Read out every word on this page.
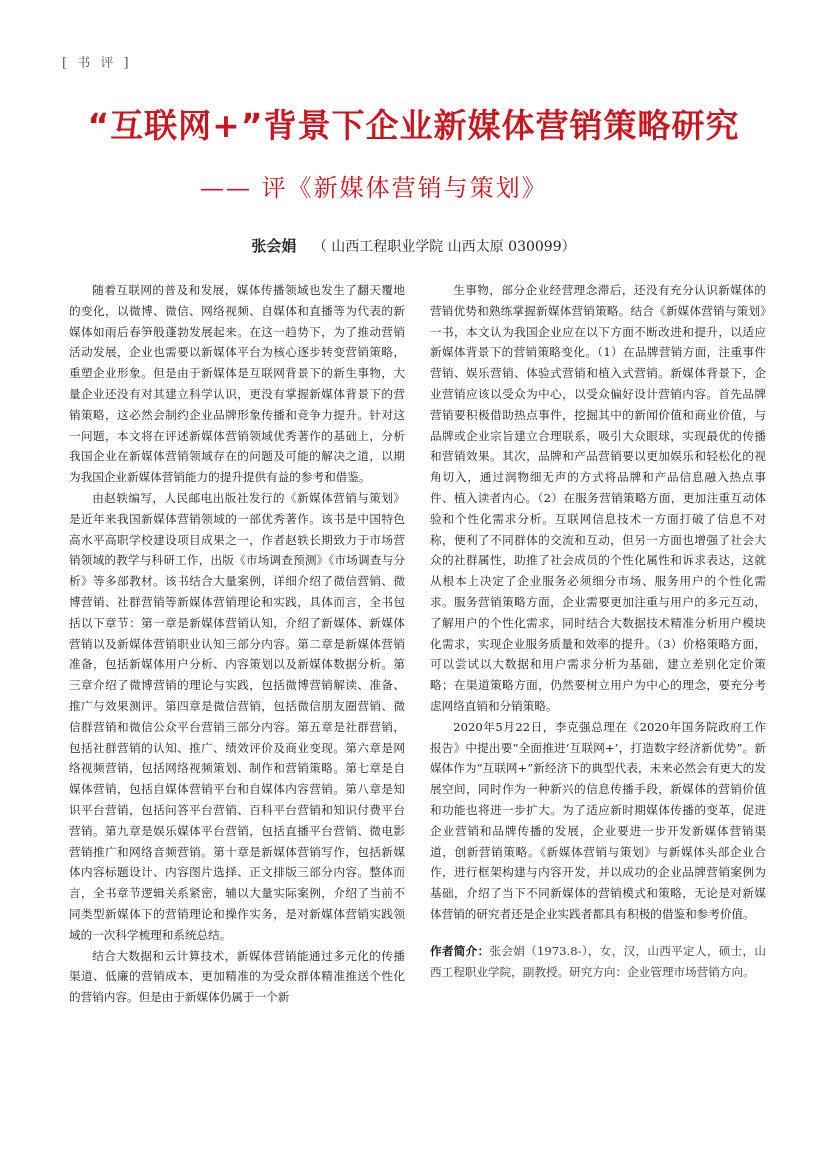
[ 书 评 ]
“互联网+”背景下企业新媒体营销策略研究
—— 评《新媒体营销与策划》
张会娟 （ 山西工程职业学院 山西太原 030099）

随着互联网的普及和发展，媒体传播领域也发生了翻天覆地的变化，以微博、微信、网络视频、自媒体和直播等为代表的新媒体如雨后春笋般蓬勃发展起来。在这一趋势下，为了推动营销活动发展，企业也需要以新媒体平台为核心逐步转变营销策略，重塑企业形象。但是由于新媒体是互联网背景下的新生事物，大量企业还没有对其建立科学认识，更没有掌握新媒体背景下的营销策略，这必然会制约企业品牌形象传播和竞争力提升。针对这一问题，本文将在评述新媒体营销领域优秀著作的基础上，分析我国企业在新媒体营销领域存在的问题及可能的解决之道，以期为我国企业新媒体营销能力的提升提供有益的参考和借鉴。

由赵轶编写，人民邮电出版社发行的《新媒体营销与策划》是近年来我国新媒体营销领域的一部优秀著作。该书是中国特色高水平高职学校建设项目成果之一，作者赵轶长期致力于市场营销领域的教学与科研工作，出版《市场调查预测》《市场调查与分析》等多部教材。该书结合大量案例，详细介绍了微信营销、微博营销、社群营销等新媒体营销理论和实践，具体而言，全书包括以下章节：第一章是新媒体营销认知，介绍了新媒体、新媒体营销以及新媒体营销职业认知三部分内容。第二章是新媒体营销准备，包括新媒体用户分析、内容策划以及新媒体数据分析。第三章介绍了微博营销的理论与实践，包括微博营销解读、准备、推广与效果测评。第四章是微信营销，包括微信朋友圈营销、微信群营销和微信公众平台营销三部分内容。第五章是社群营销，包括社群营销的认知、推广、绩效评价及商业变现。第六章是网络视频营销，包括网络视频策划、制作和营销策略。第七章是自媒体营销，包括自媒体营销平台和自媒体内容营销。第八章是知识平台营销，包括问答平台营销、百科平台营销和知识付费平台营销。第九章是娱乐媒体平台营销，包括直播平台营销、微电影营销推广和网络音频营销。第十章是新媒体营销写作，包括新媒体内容标题设计、内容图片选择、正文排版三部分内容。整体而言，全书章节逻辑关系紧密，辅以大量实际案例，介绍了当前不同类型新媒体下的营销理论和操作实务，是对新媒体营销实践领域的一次科学梳理和系统总结。

结合大数据和云计算技术，新媒体营销能通过多元化的传播渠道、低廉的营销成本，更加精准的为受众群体精准推送个性化的营销内容。但是由于新媒体仍属于一个新

生事物，部分企业经营理念滞后，还没有充分认识新媒体的营销优势和熟练掌握新媒体营销策略。结合《新媒体营销与策划》一书，本文认为我国企业应在以下方面不断改进和提升，以适应新媒体背景下的营销策略变化。（1）在品牌营销方面，注重事件营销、娱乐营销、体验式营销和植入式营销。新媒体背景下，企业营销应该以受众为中心，以受众偏好设计营销内容。首先品牌营销要积极借助热点事件，挖掘其中的新闻价值和商业价值，与品牌或企业宗旨建立合理联系，吸引大众眼球，实现最优的传播和营销效果。其次，品牌和产品营销要以更加娱乐和轻松化的视角切入，通过润物细无声的方式将品牌和产品信息融入热点事件、植入读者内心。（2）在服务营销策略方面，更加注重互动体验和个性化需求分析。互联网信息技术一方面打破了信息不对称，便利了不同群体的交流和互动，但另一方面也增强了社会大众的社群属性，助推了社会成员的个性化属性和诉求表达，这就从根本上决定了企业服务必须细分市场、服务用户的个性化需求。服务营销策略方面，企业需要更加注重与用户的多元互动，了解用户的个性化需求，同时结合大数据技术精准分析用户模块化需求，实现企业服务质量和效率的提升。（3）价格策略方面，可以尝试以大数据和用户需求分析为基础，建立差别化定价策略；在渠道策略方面，仍然要树立用户为中心的理念，要充分考虑网络直销和分销策略。

2020年5月22日，李克强总理在《2020年国务院政府工作报告》中提出要“全面推进‘互联网+’，打造数字经济新优势”。新媒体作为“互联网+”新经济下的典型代表，未来必然会有更大的发展空间，同时作为一种新兴的信息传播手段，新媒体的营销价值和功能也将进一步扩大。为了适应新时期媒体传播的变革，促进企业营销和品牌传播的发展，企业要进一步开发新媒体营销渠道，创新营销策略。《新媒体营销与策划》与新媒体头部企业合作，进行框架构建与内容开发，并以成功的企业品牌营销案例为基础，介绍了当下不同新媒体的营销模式和策略，无论是对新媒体营销的研究者还是企业实践者都具有积极的借鉴和参考价值。

作者简介：张会娟（1973.8-），女，汉，山西平定人，硕士，山西工程职业学院，副教授。研究方向：企业管理市场营销方向。
